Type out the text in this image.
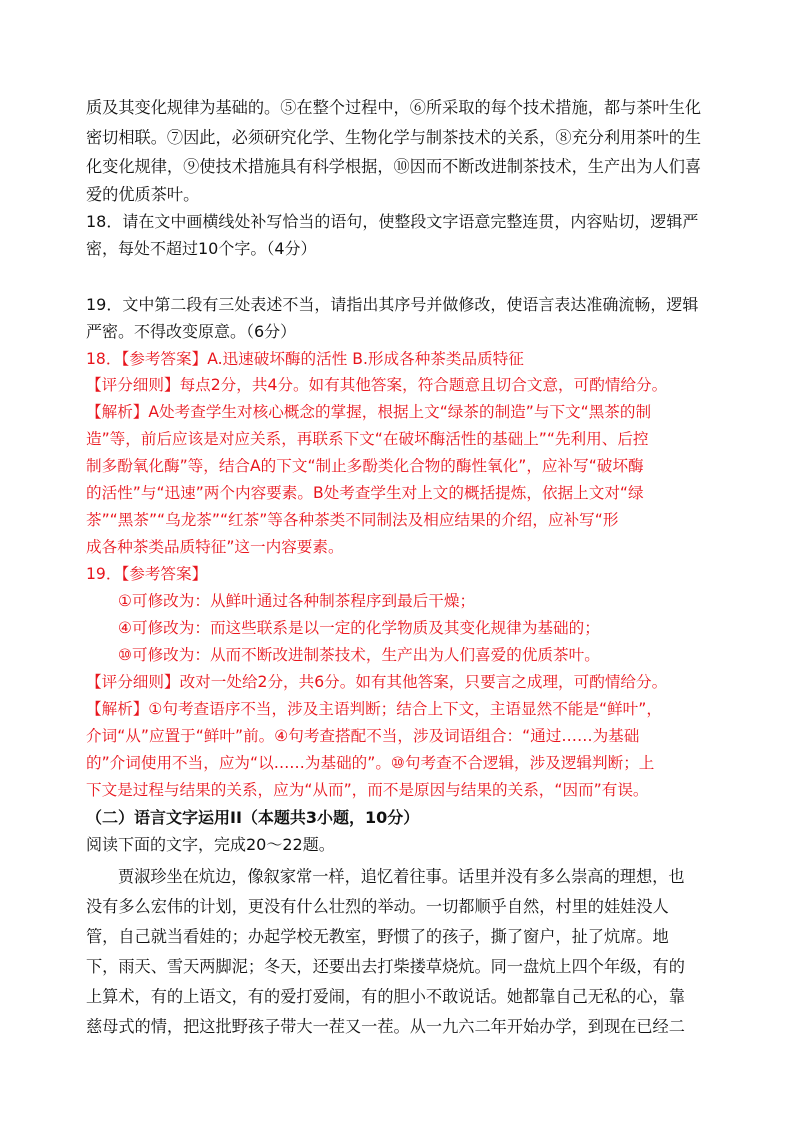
质及其变化规律为基础的。⑤在整个过程中，⑥所采取的每个技术措施，都与茶叶生化
密切相联。⑦因此，必须研究化学、生物化学与制茶技术的关系，⑧充分利用茶叶的生
化变化规律，⑨使技术措施具有科学根据，⑩因而不断改进制茶技术，生产出为人们喜
爱的优质茶叶。
18．请在文中画横线处补写恰当的语句，使整段文字语意完整连贯，内容贴切，逻辑严
密，每处不超过10个字。（4分）
19．文中第二段有三处表述不当，请指出其序号并做修改，使语言表达准确流畅，逻辑
严密。不得改变原意。（6分）
18．【参考答案】A.迅速破坏酶的活性 B.形成各种茶类品质特征
【评分细则】每点2分，共4分。如有其他答案，符合题意且切合文意，可酌情给分。
【解析】A处考查学生对核心概念的掌握，根据上文“绿茶的制造”与下文“黑茶的制
造”等，前后应该是对应关系，再联系下文“在破坏酶活性的基础上”“先利用、后控
制多酚氧化酶”等，结合A的下文“制止多酚类化合物的酶性氧化”，应补写“破坏酶
的活性”与“迅速”两个内容要素。B处考查学生对上文的概括提炼，依据上文对“绿
茶”“黑茶”“乌龙茶”“红茶”等各种茶类不同制法及相应结果的介绍，应补写“形
成各种茶类品质特征”这一内容要素。
19．【参考答案】
①可修改为：从鲜叶通过各种制茶程序到最后干燥；
④可修改为：而这些联系是以一定的化学物质及其变化规律为基础的；
⑩可修改为：从而不断改进制茶技术，生产出为人们喜爱的优质茶叶。
【评分细则】改对一处给2分，共6分。如有其他答案，只要言之成理，可酌情给分。
【解析】①句考查语序不当，涉及主语判断；结合上下文，主语显然不能是“鲜叶”，
介词“从”应置于“鲜叶”前。④句考查搭配不当，涉及词语组合：“通过……为基础
的”介词使用不当，应为“以……为基础的”。⑩句考查不合逻辑，涉及逻辑判断；上
下文是过程与结果的关系，应为“从而”，而不是原因与结果的关系，“因而”有误。
（二）语言文字运用II（本题共3小题，10分）
阅读下面的文字，完成20～22题。
贾淑珍坐在炕边，像叙家常一样，追忆着往事。话里并没有多么崇高的理想，也
没有多么宏伟的计划，更没有什么壮烈的举动。一切都顺乎自然，村里的娃娃没人
管，自己就当看娃的；办起学校无教室，野惯了的孩子，撕了窗户，扯了炕席。地
下，雨天、雪天两脚泥；冬天，还要出去打柴搂草烧炕。同一盘炕上四个年级，有的
上算术，有的上语文，有的爱打爱闹，有的胆小不敢说话。她都靠自己无私的心，靠
慈母式的情，把这批野孩子带大一茬又一茬。从一九六二年开始办学，到现在已经二
